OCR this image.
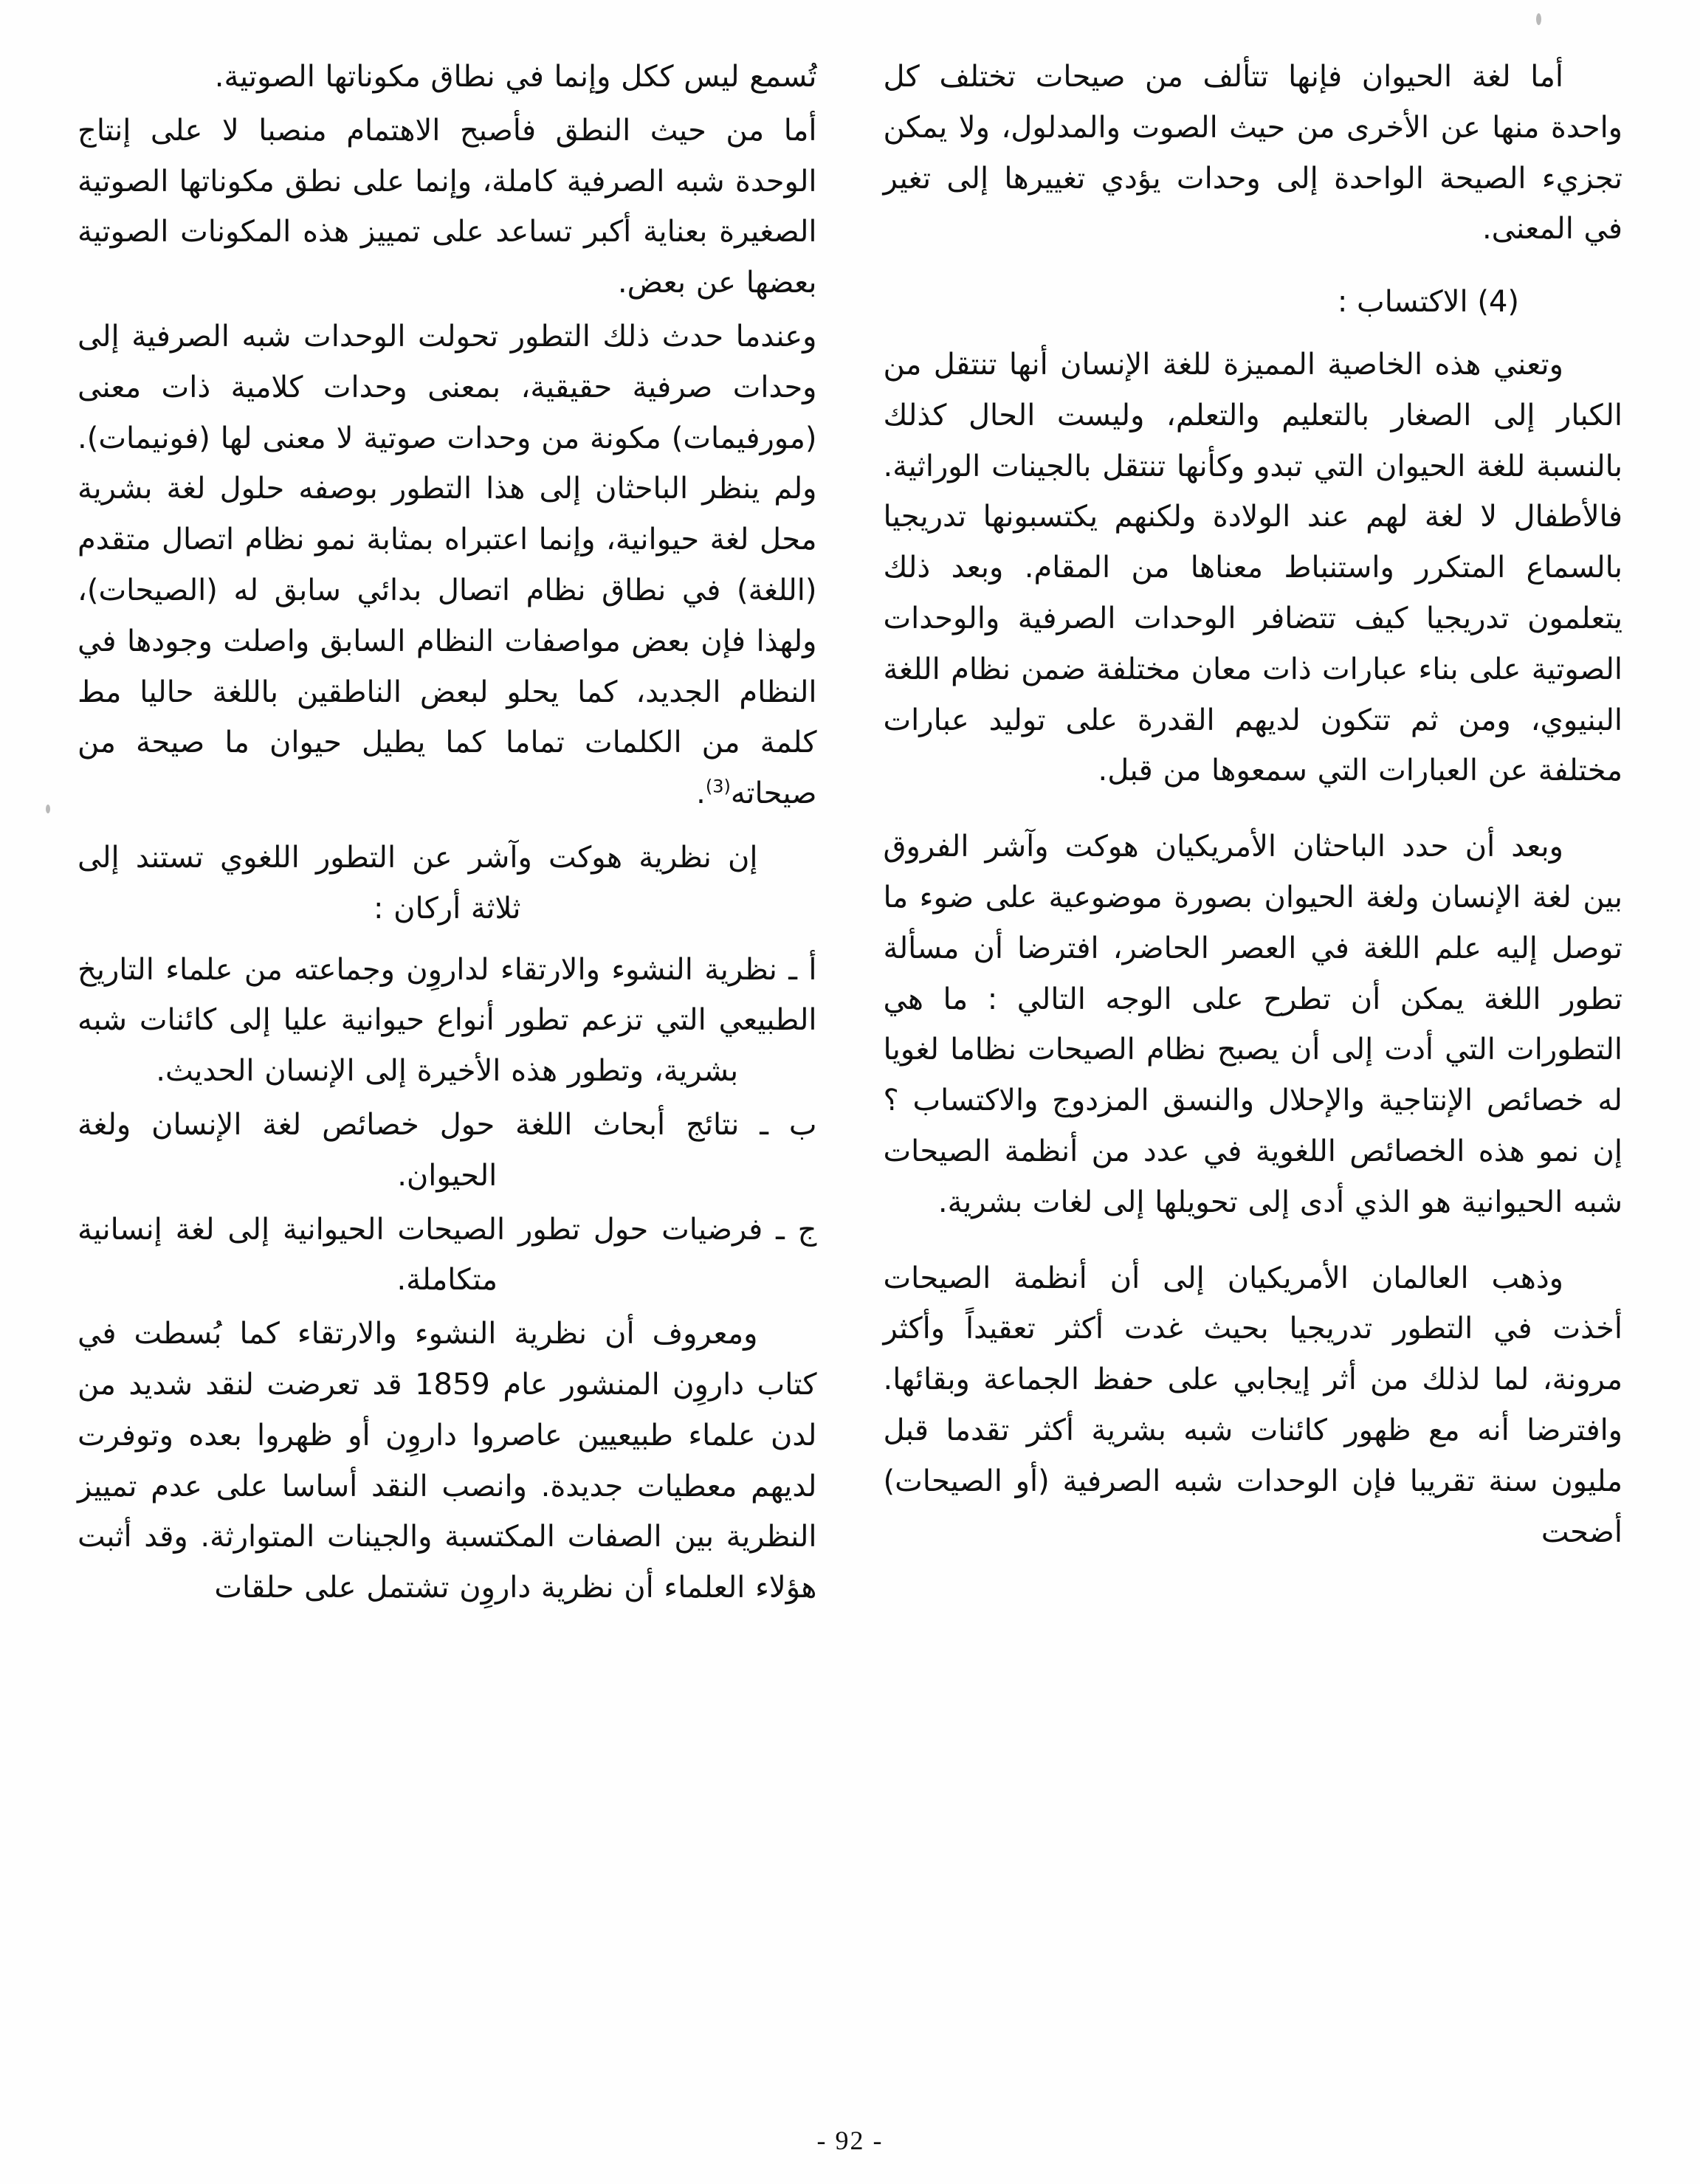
أما لغة الحيوان فإنها تتألف من صيحات تختلف كل واحدة منها عن الأخرى من حيث الصوت والمدلول، ولا يمكن تجزيء الصيحة الواحدة إلى وحدات يؤدي تغييرها إلى تغير في المعنى.

(4) الاكتساب :

وتعني هذه الخاصية المميزة للغة الإنسان أنها تنتقل من الكبار إلى الصغار بالتعليم والتعلم، وليست الحال كذلك بالنسبة للغة الحيوان التي تبدو وكأنها تنتقل بالجينات الوراثية. فالأطفال لا لغة لهم عند الولادة ولكنهم يكتسبونها تدريجيا بالسماع المتكرر واستنباط معناها من المقام. وبعد ذلك يتعلمون تدريجيا كيف تتضافر الوحدات الصرفية والوحدات الصوتية على بناء عبارات ذات معان مختلفة ضمن نظام اللغة البنيوي، ومن ثم تتكون لديهم القدرة على توليد عبارات مختلفة عن العبارات التي سمعوها من قبل.

وبعد أن حدد الباحثان الأمريكيان هوكت وآشر الفروق بين لغة الإنسان ولغة الحيوان بصورة موضوعية على ضوء ما توصل إليه علم اللغة في العصر الحاضر، افترضا أن مسألة تطور اللغة يمكن أن تطرح على الوجه التالي : ما هي التطورات التي أدت إلى أن يصبح نظام الصيحات نظاما لغويا له خصائص الإنتاجية والإحلال والنسق المزدوج والاكتساب ؟ إن نمو هذه الخصائص اللغوية في عدد من أنظمة الصيحات شبه الحيوانية هو الذي أدى إلى تحويلها إلى لغات بشرية.

وذهب العالمان الأمريكيان إلى أن أنظمة الصيحات أخذت في التطور تدريجيا بحيث غدت أكثر تعقيداً وأكثر مرونة، لما لذلك من أثر إيجابي على حفظ الجماعة وبقائها. وافترضا أنه مع ظهور كائنات شبه بشرية أكثر تقدما قبل مليون سنة تقريبا فإن الوحدات شبه الصرفية (أو الصيحات) أضحت

تُسمع ليس ككل وإنما في نطاق مكوناتها الصوتية.

أما من حيث النطق فأصبح الاهتمام منصبا لا على إنتاج الوحدة شبه الصرفية كاملة، وإنما على نطق مكوناتها الصوتية الصغيرة بعناية أكبر تساعد على تمييز هذه المكونات الصوتية بعضها عن بعض.

وعندما حدث ذلك التطور تحولت الوحدات شبه الصرفية إلى وحدات صرفية حقيقية، بمعنى وحدات كلامية ذات معنى (مورفيمات) مكونة من وحدات صوتية لا معنى لها (فونيمات). ولم ينظر الباحثان إلى هذا التطور بوصفه حلول لغة بشرية محل لغة حيوانية، وإنما اعتبراه بمثابة نمو نظام اتصال متقدم (اللغة) في نطاق نظام اتصال بدائي سابق له (الصيحات)، ولهذا فإن بعض مواصفات النظام السابق واصلت وجودها في النظام الجديد، كما يحلو لبعض الناطقين باللغة حاليا مط كلمة من الكلمات تماما كما يطيل حيوان ما صيحة من صيحاته$^{(3)}$.

إن نظرية هوكت وآشر عن التطور اللغوي تستند إلى ثلاثة أركان :

أ ـ نظرية النشوء والارتقاء لداروِن وجماعته من علماء التاريخ الطبيعي التي تزعم تطور أنواع حيوانية عليا إلى كائنات شبه بشرية، وتطور هذه الأخيرة إلى الإنسان الحديث.

ب ـ نتائج أبحاث اللغة حول خصائص لغة الإنسان ولغة الحيوان.

ج ـ فرضيات حول تطور الصيحات الحيوانية إلى لغة إنسانية متكاملة.

ومعروف أن نظرية النشوء والارتقاء كما بُسطت في كتاب داروِن المنشور عام 1859 قد تعرضت لنقد شديد من لدن علماء طبيعيين عاصروا داروِن أو ظهروا بعده وتوفرت لديهم معطيات جديدة. وانصب النقد أساسا على عدم تمييز النظرية بين الصفات المكتسبة والجينات المتوارثة. وقد أثبت هؤلاء العلماء أن نظرية داروِن تشتمل على حلقات

- 92 -
